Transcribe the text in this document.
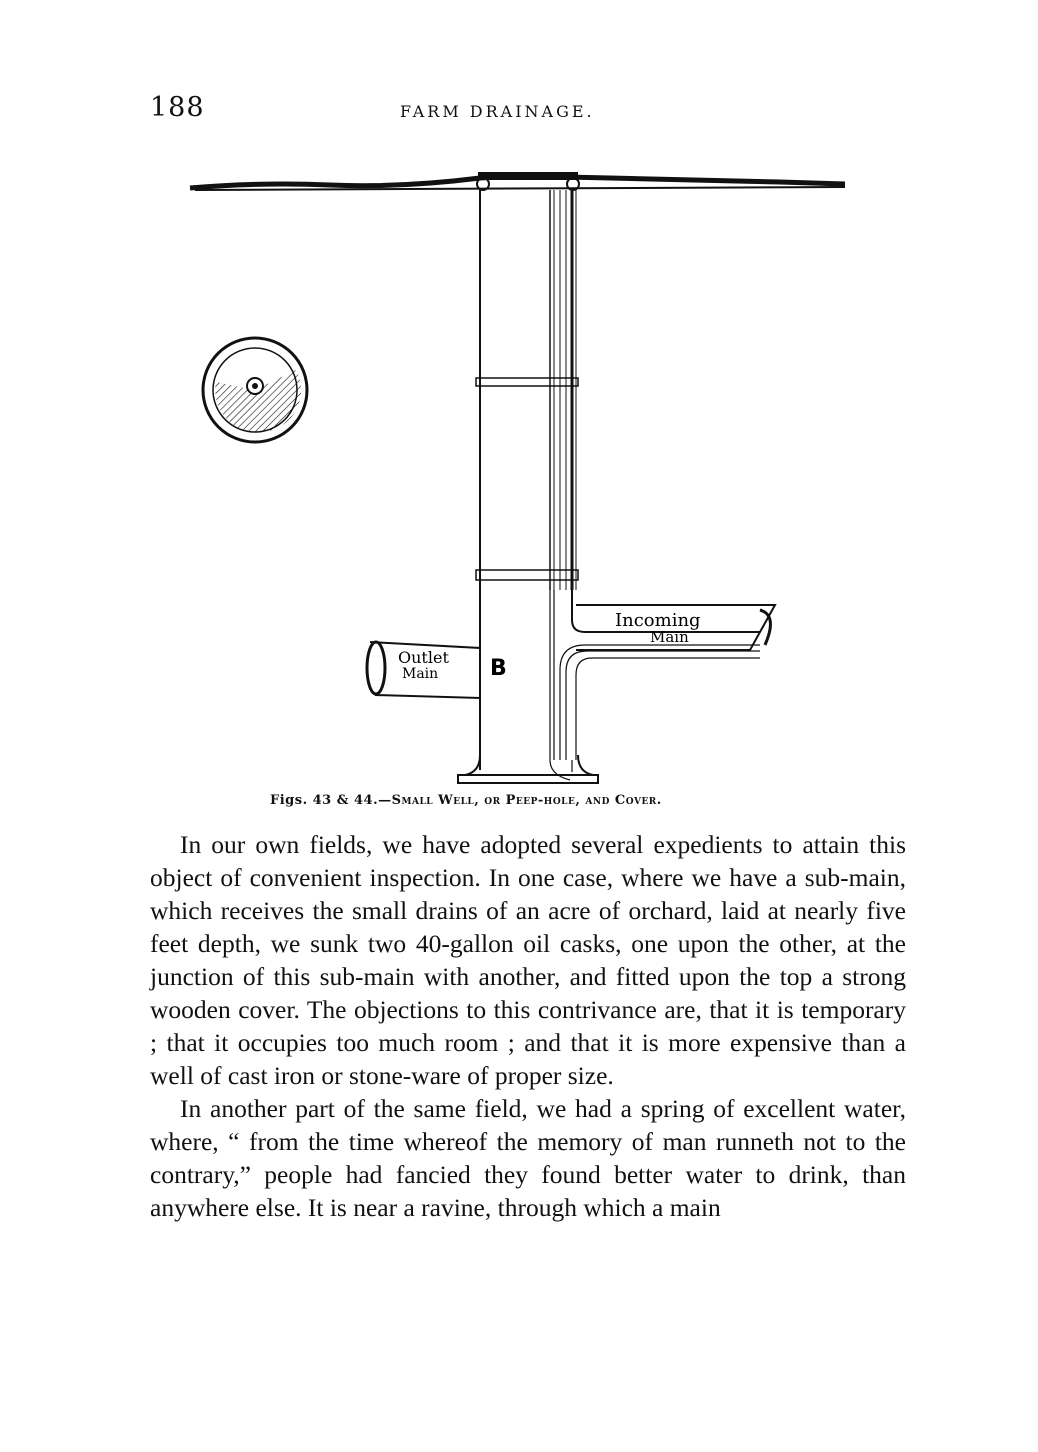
188	FARM DRAINAGE.
Incoming
Main
Outlet
Main B
Figs. 43 & 44.—Small Well, or Peep-hole, and Cover.

In our own fields, we have adopted several expedients to attain this object of convenient inspection. In one case, where we have a sub-main, which receives the small drains of an acre of orchard, laid at nearly five feet depth, we sunk two 40-gallon oil casks, one upon the other, at the junction of this sub-main with another, and fitted upon the top a strong wooden cover. The objections to this contrivance are, that it is temporary ; that it occupies too much room ; and that it is more expensive than a well of cast iron or stone-ware of proper size.

In another part of the same field, we had a spring of excellent water, where, “ from the time whereof the memory of man runneth not to the contrary,” people had fancied they found better water to drink, than anywhere else. It is near a ravine, through which a main
